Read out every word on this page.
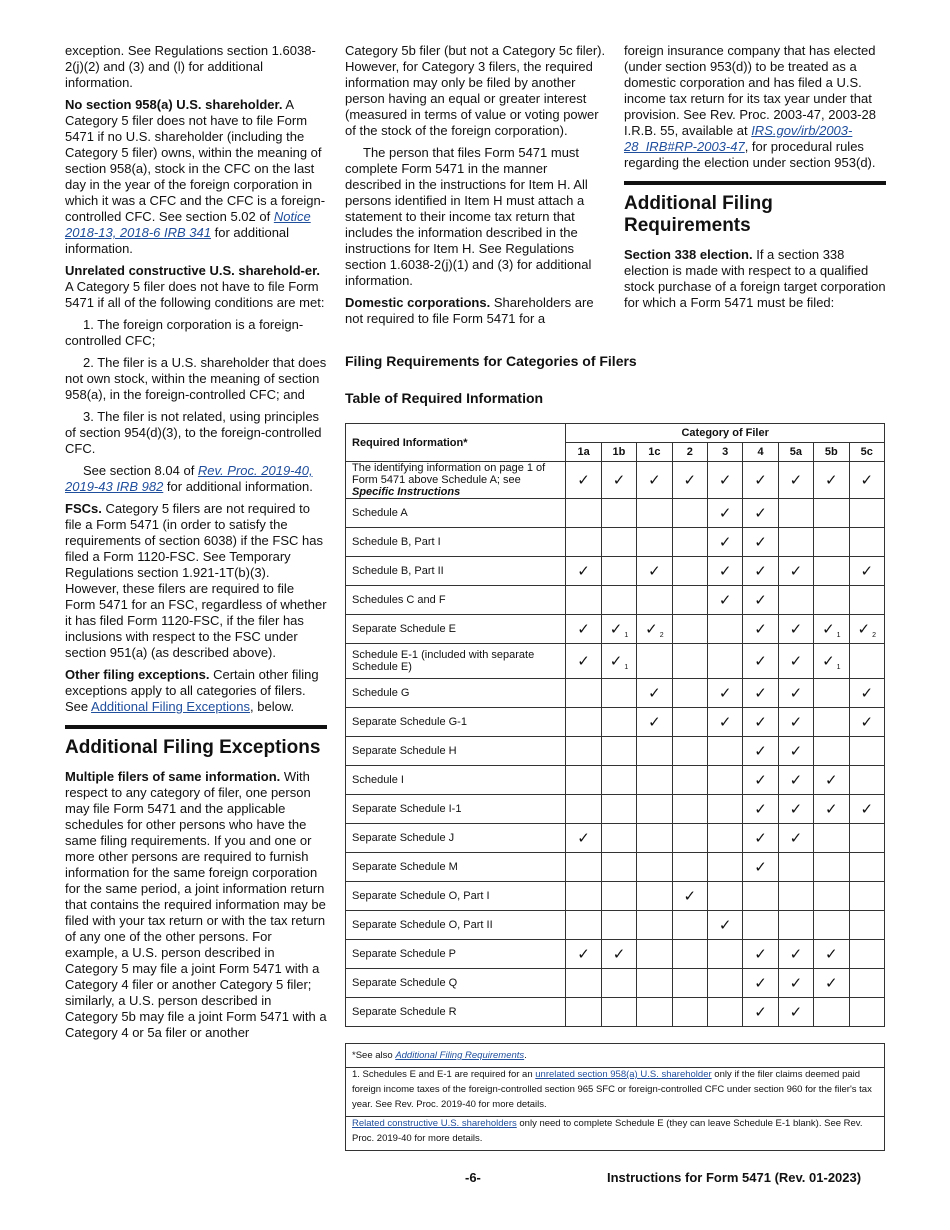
exception. See Regulations section 1.6038-2(j)(2) and (3) and (l) for additional information.

No section 958(a) U.S. shareholder. A Category 5 filer does not have to file Form 5471 if no U.S. shareholder (including the Category 5 filer) owns, within the meaning of section 958(a), stock in the CFC on the last day in the year of the foreign corporation in which it was a CFC and the CFC is a foreign-controlled CFC. See section 5.02 of Notice 2018-13, 2018-6 IRB 341 for additional information.

Unrelated constructive U.S. sharehold-er. A Category 5 filer does not have to file Form 5471 if all of the following conditions are met:

1. The foreign corporation is a foreign-controlled CFC;

2. The filer is a U.S. shareholder that does not own stock, within the meaning of section 958(a), in the foreign-controlled CFC; and

3. The filer is not related, using principles of section 954(d)(3), to the foreign-controlled CFC.

See section 8.04 of Rev. Proc. 2019-40, 2019-43 IRB 982 for additional information.

FSCs. Category 5 filers are not required to file a Form 5471 (in order to satisfy the requirements of section 6038) if the FSC has filed a Form 1120-FSC. See Temporary Regulations section 1.921-1T(b)(3). However, these filers are required to file Form 5471 for an FSC, regardless of whether it has filed Form 1120-FSC, if the filer has inclusions with respect to the FSC under section 951(a) (as described above).

Other filing exceptions. Certain other filing exceptions apply to all categories of filers. See Additional Filing Exceptions, below.

Additional Filing Exceptions

Multiple filers of same information. With respect to any category of filer, one person may file Form 5471 and the applicable schedules for other persons who have the same filing requirements. If you and one or more other persons are required to furnish information for the same foreign corporation for the same period, a joint information return that contains the required information may be filed with your tax return or with the tax return of any one of the other persons. For example, a U.S. person described in Category 5 may file a joint Form 5471 with a Category 4 filer or another Category 5 filer; similarly, a U.S. person described in Category 5b may file a joint Form 5471 with a Category 4 or 5a filer or another

Category 5b filer (but not a Category 5c filer). However, for Category 3 filers, the required information may only be filed by another person having an equal or greater interest (measured in terms of value or voting power of the stock of the foreign corporation).

The person that files Form 5471 must complete Form 5471 in the manner described in the instructions for Item H. All persons identified in Item H must attach a statement to their income tax return that includes the information described in the instructions for Item H. See Regulations section 1.6038-2(j)(1) and (3) for additional information.

Domestic corporations. Shareholders are not required to file Form 5471 for a

foreign insurance company that has elected (under section 953(d)) to be treated as a domestic corporation and has filed a U.S. income tax return for its tax year under that provision. See Rev. Proc. 2003-47, 2003-28 I.R.B. 55, available at IRS.gov/irb/2003-28_IRB#RP-2003-47, for procedural rules regarding the election under section 953(d).

Additional Filing Requirements

Section 338 election. If a section 338 election is made with respect to a qualified stock purchase of a foreign target corporation for which a Form 5471 must be filed:

Filing Requirements for Categories of Filers
Table of Required Information
Required Information*	Category of Filer								
	1a	1b	1c	2	3	4	5a	5b	5c
The identifying information on page 1 of Form 5471 above Schedule A; see Specific Instructions	✓	✓	✓	✓	✓	✓	✓	✓	✓
Schedule A					✓	✓			
Schedule B, Part I					✓	✓			
Schedule B, Part II	✓		✓		✓	✓	✓		✓
Schedules C and F					✓	✓			
Separate Schedule E	✓	✓ $_1$	✓ $_2$			✓	✓	✓ $_1$	✓ $_2$
Schedule E-1 (included with separate Schedule E)	✓	✓ $_1$				✓	✓	✓ $_1$	
Schedule G			✓		✓	✓	✓		✓
Separate Schedule G-1			✓		✓	✓	✓		✓
Separate Schedule H						✓	✓		
Schedule I						✓	✓	✓	
Separate Schedule I-1						✓	✓	✓	✓
Separate Schedule J	✓					✓	✓		
Separate Schedule M						✓			
Separate Schedule O, Part I				✓					
Separate Schedule O, Part II					✓				
Separate Schedule P	✓	✓				✓	✓	✓	
Separate Schedule Q						✓	✓	✓	
Separate Schedule R						✓	✓		
*See also Additional Filing Requirements.
1. Schedules E and E-1 are required for an unrelated section 958(a) U.S. shareholder only if the filer claims deemed paid foreign income taxes of the foreign-controlled section 965 SFC or foreign-controlled CFC under section 960 for the filer's tax year. See Rev. Proc. 2019-40 for more details.
Related constructive U.S. shareholders only need to complete Schedule E (they can leave Schedule E-1 blank). See Rev. Proc. 2019-40 for more details.
-6-	Instructions for Form 5471 (Rev. 01-2023)
